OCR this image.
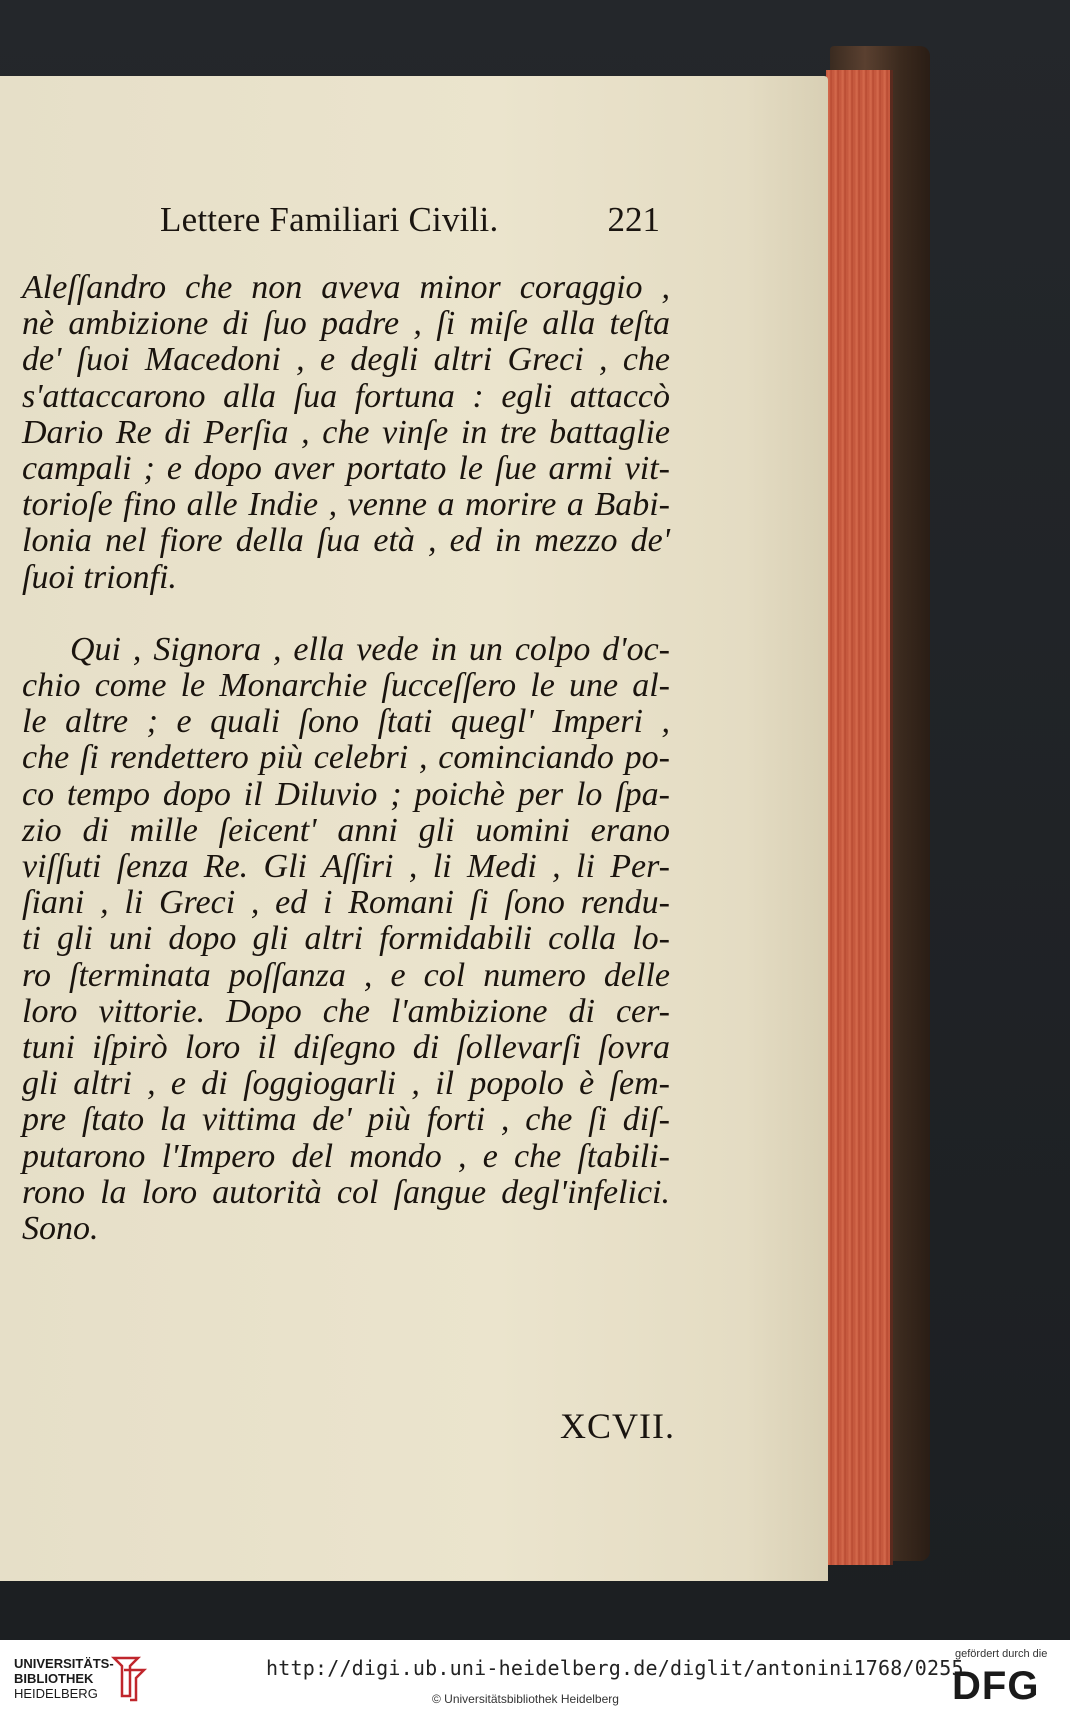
Lettere Familiari Civili.	221
Aleſſandro che non aveva minor coraggio ,
nè ambizione di ſuo padre , ſi miſe alla teſta
de' ſuoi Macedoni , e degli altri Greci , che
s'attaccarono alla ſua fortuna : egli attaccò
Dario Re di Perſia , che vinſe in tre battaglie
campali ; e dopo aver portato le ſue armi vit-
torioſe fino alle Indie , venne a morire a Babi-
lonia nel fiore della ſua età , ed in mezzo de'
ſuoi trionfi.
Qui , Signora , ella vede in un colpo d'oc-
chio come le Monarchie ſucceſſero le une al-
le altre ; e quali ſono ſtati quegl' Imperi ,
che ſi rendettero più celebri , cominciando po-
co tempo dopo il Diluvio ; poichè per lo ſpa-
zio di mille ſeicent' anni gli uomini erano
viſſuti ſenza Re. Gli Aſſiri , li Medi , li Per-
ſiani , li Greci , ed i Romani ſi ſono rendu-
ti gli uni dopo gli altri formidabili colla lo-
ro ſterminata poſſanza , e col numero delle
loro vittorie. Dopo che l'ambizione di cer-
tuni iſpirò loro il diſegno di ſollevarſi ſovra
gli altri , e di ſoggiogarli , il popolo è ſem-
pre ſtato la vittima de' più forti , che ſi diſ-
putarono l'Impero del mondo , e che ſtabili-
rono la loro autorità col ſangue degl'infelici.
Sono.
XCVII.
UNIVERSITÄTS-
BIBLIOTHEK
HEIDELBERG
http://digi.ub.uni-heidelberg.de/diglit/antonini1768/0255
© Universitätsbibliothek Heidelberg
gefördert durch die
DFG
